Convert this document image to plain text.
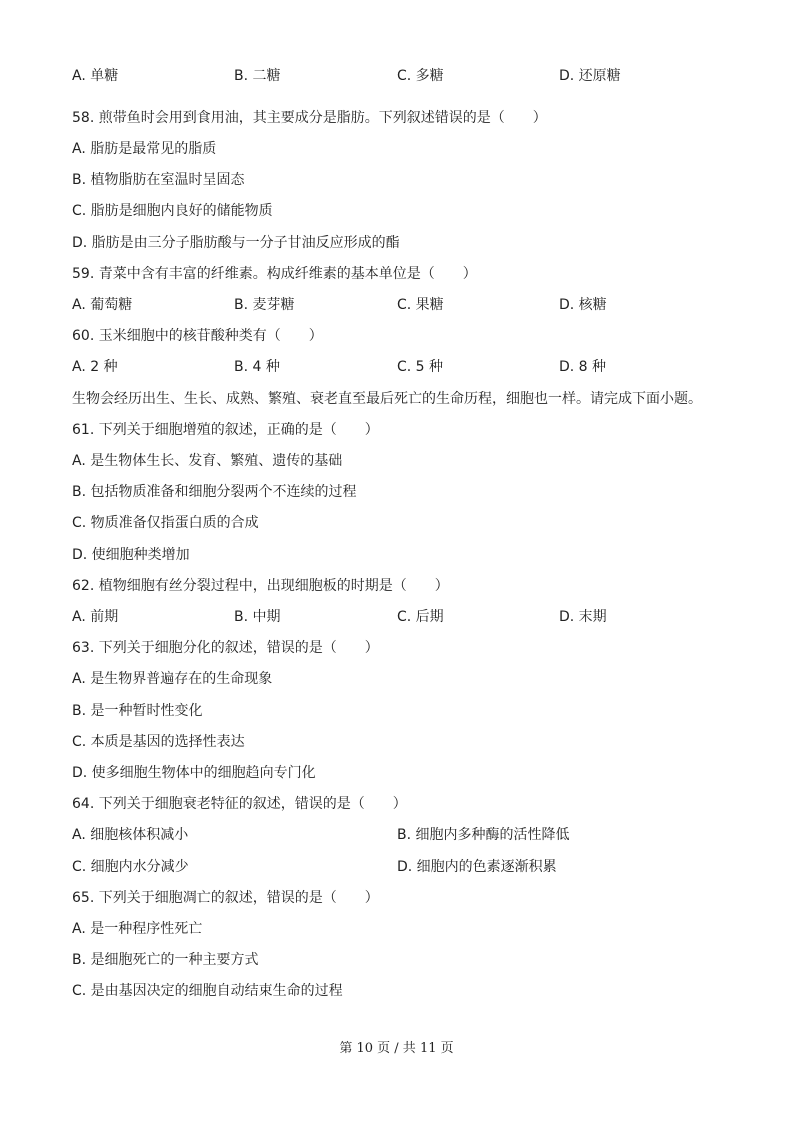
A. 单糖	B. 二糖	C. 多糖	D. 还原糖
58. 煎带鱼时会用到食用油，其主要成分是脂肪。下列叙述错误的是（　　）
A. 脂肪是最常见的脂质
B. 植物脂肪在室温时呈固态
C. 脂肪是细胞内良好的储能物质
D. 脂肪是由三分子脂肪酸与一分子甘油反应形成的酯
59. 青菜中含有丰富的纤维素。构成纤维素的基本单位是（　　）
A. 葡萄糖	B. 麦芽糖	C. 果糖	D. 核糖
60. 玉米细胞中的核苷酸种类有（　　）
A. 2 种	B. 4 种	C. 5 种	D. 8 种
生物会经历出生、生长、成熟、繁殖、衰老直至最后死亡的生命历程，细胞也一样。请完成下面小题。
61. 下列关于细胞增殖的叙述，正确的是（　　）
A. 是生物体生长、发育、繁殖、遗传的基础
B. 包括物质准备和细胞分裂两个不连续的过程
C. 物质准备仅指蛋白质的合成
D. 使细胞种类增加
62. 植物细胞有丝分裂过程中，出现细胞板的时期是（　　）
A. 前期	B. 中期	C. 后期	D. 末期
63. 下列关于细胞分化的叙述，错误的是（　　）
A. 是生物界普遍存在的生命现象
B. 是一种暂时性变化
C. 本质是基因的选择性表达
D. 使多细胞生物体中的细胞趋向专门化
64. 下列关于细胞衰老特征的叙述，错误的是（　　）
A. 细胞核体积减小	B. 细胞内多种酶的活性降低
C. 细胞内水分减少	D. 细胞内的色素逐渐积累
65. 下列关于细胞凋亡的叙述，错误的是（　　）
A. 是一种程序性死亡
B. 是细胞死亡的一种主要方式
C. 是由基因决定的细胞自动结束生命的过程
第 10 页 / 共 11 页
